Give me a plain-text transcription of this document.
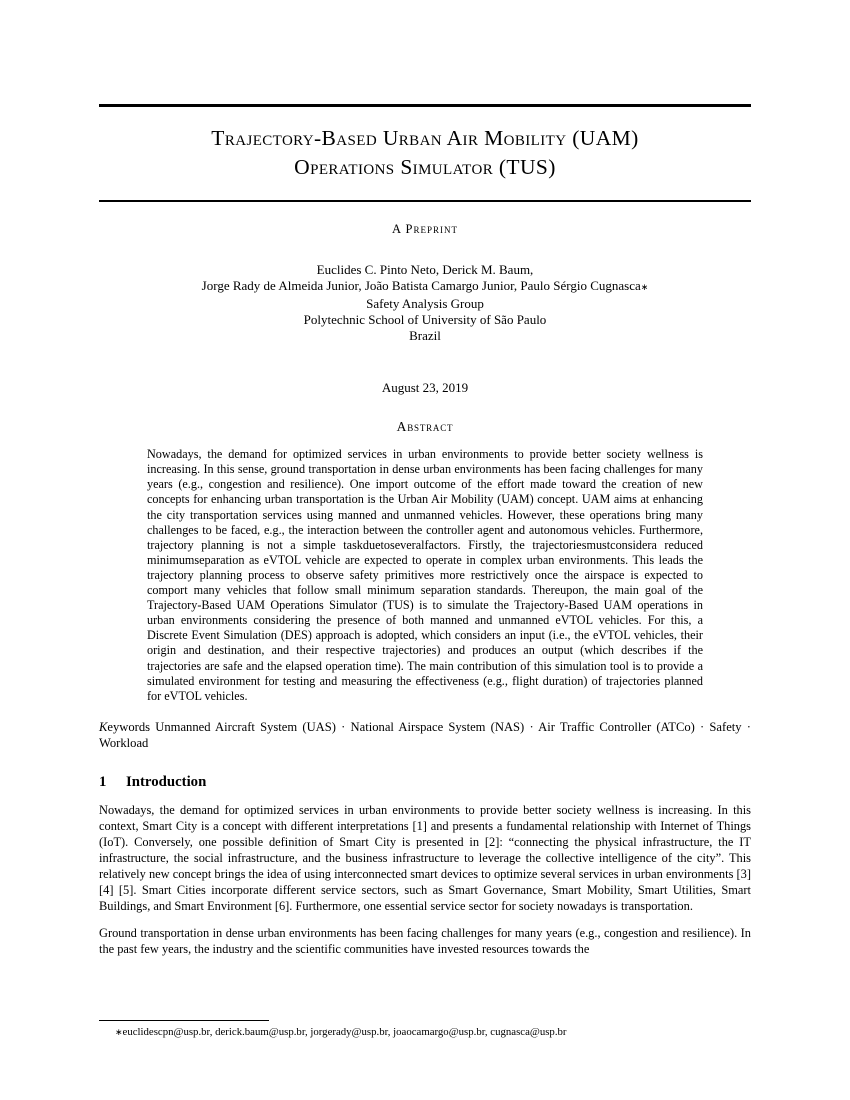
Trajectory-Based Urban Air Mobility (UAM)
Operations Simulator (TUS)
A Preprint
Euclides C. Pinto Neto, Derick M. Baum,
Jorge Rady de Almeida Junior, João Batista Camargo Junior, Paulo Sérgio Cugnasca∗
Safety Analysis Group
Polytechnic School of University of São Paulo
Brazil
August 23, 2019
Abstract

Nowadays, the demand for optimized services in urban environments to provide better society wellness is increasing. In this sense, ground transportation in dense urban environments has been facing challenges for many years (e.g., congestion and resilience). One import outcome of the effort made toward the creation of new concepts for enhancing urban transportation is the Urban Air Mobility (UAM) concept. UAM aims at enhancing the city transportation services using manned and unmanned vehicles. However, these operations bring many challenges to be faced, e.g., the interaction between the controller agent and autonomous vehicles. Furthermore, trajectory planning is not a simple taskduetoseveralfactors. Firstly, the trajectoriesmustconsidera reduced minimumseparation as eVTOL vehicle are expected to operate in complex urban environments. This leads the trajectory planning process to observe safety primitives more restrictively once the airspace is expected to comport many vehicles that follow small minimum separation standards. Thereupon, the main goal of the Trajectory-Based UAM Operations Simulator (TUS) is to simulate the Trajectory-Based UAM operations in urban environments considering the presence of both manned and unmanned eVTOL vehicles. For this, a Discrete Event Simulation (DES) approach is adopted, which considers an input (i.e., the eVTOL vehicles, their origin and destination, and their respective trajectories) and produces an output (which describes if the trajectories are safe and the elapsed operation time). The main contribution of this simulation tool is to provide a simulated environment for testing and measuring the effectiveness (e.g., flight duration) of trajectories planned for eVTOL vehicles.

Keywords Unmanned Aircraft System (UAS) · National Airspace System (NAS) · Air Traffic Controller (ATCo) · Safety · Workload

1 Introduction

Nowadays, the demand for optimized services in urban environments to provide better society wellness is increasing. In this context, Smart City is a concept with different interpretations [1] and presents a fundamental relationship with Internet of Things (IoT). Conversely, one possible definition of Smart City is presented in [2]: “connecting the physical infrastructure, the IT infrastructure, the social infrastructure, and the business infrastructure to leverage the collective intelligence of the city”. This relatively new concept brings the idea of using interconnected smart devices to optimize several services in urban environments [3] [4] [5]. Smart Cities incorporate different service sectors, such as Smart Governance, Smart Mobility, Smart Utilities, Smart Buildings, and Smart Environment [6]. Furthermore, one essential service sector for society nowadays is transportation.

Ground transportation in dense urban environments has been facing challenges for many years (e.g., congestion and resilience). In the past few years, the industry and the scientific communities have invested resources towards the

∗euclidescpn@usp.br, derick.baum@usp.br, jorgerady@usp.br, joaocamargo@usp.br, cugnasca@usp.br
